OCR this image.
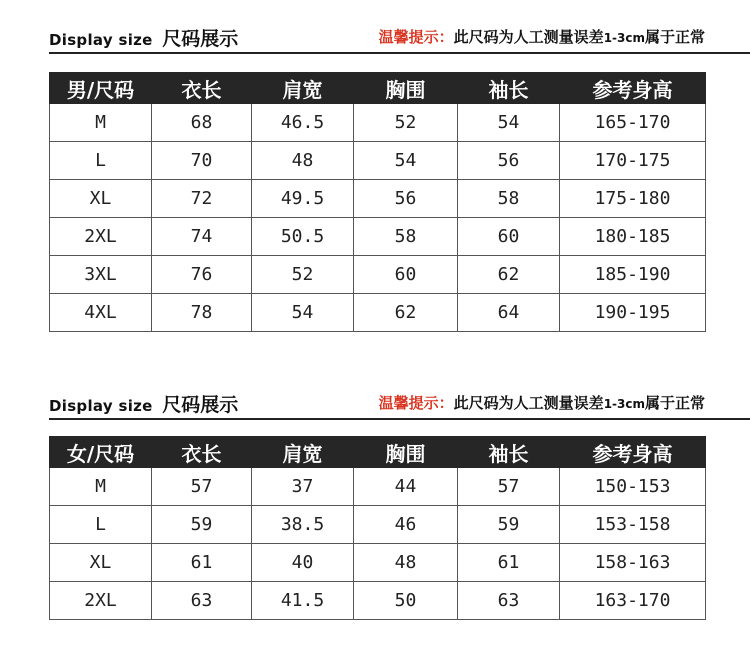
Display size 尺码展示	温馨提示：此尺码为人工测量误差1-3cm属于正常
男/尺码	衣长	肩宽	胸围	袖长	参考身高
M	68	46.5	52	54	165-170
L	70	48	54	56	170-175
XL	72	49.5	56	58	175-180
2XL	74	50.5	58	60	180-185
3XL	76	52	60	62	185-190
4XL	78	54	62	64	190-195
Display size 尺码展示	温馨提示：此尺码为人工测量误差1-3cm属于正常
女/尺码	衣长	肩宽	胸围	袖长	参考身高
M	57	37	44	57	150-153
L	59	38.5	46	59	153-158
XL	61	40	48	61	158-163
2XL	63	41.5	50	63	163-170
